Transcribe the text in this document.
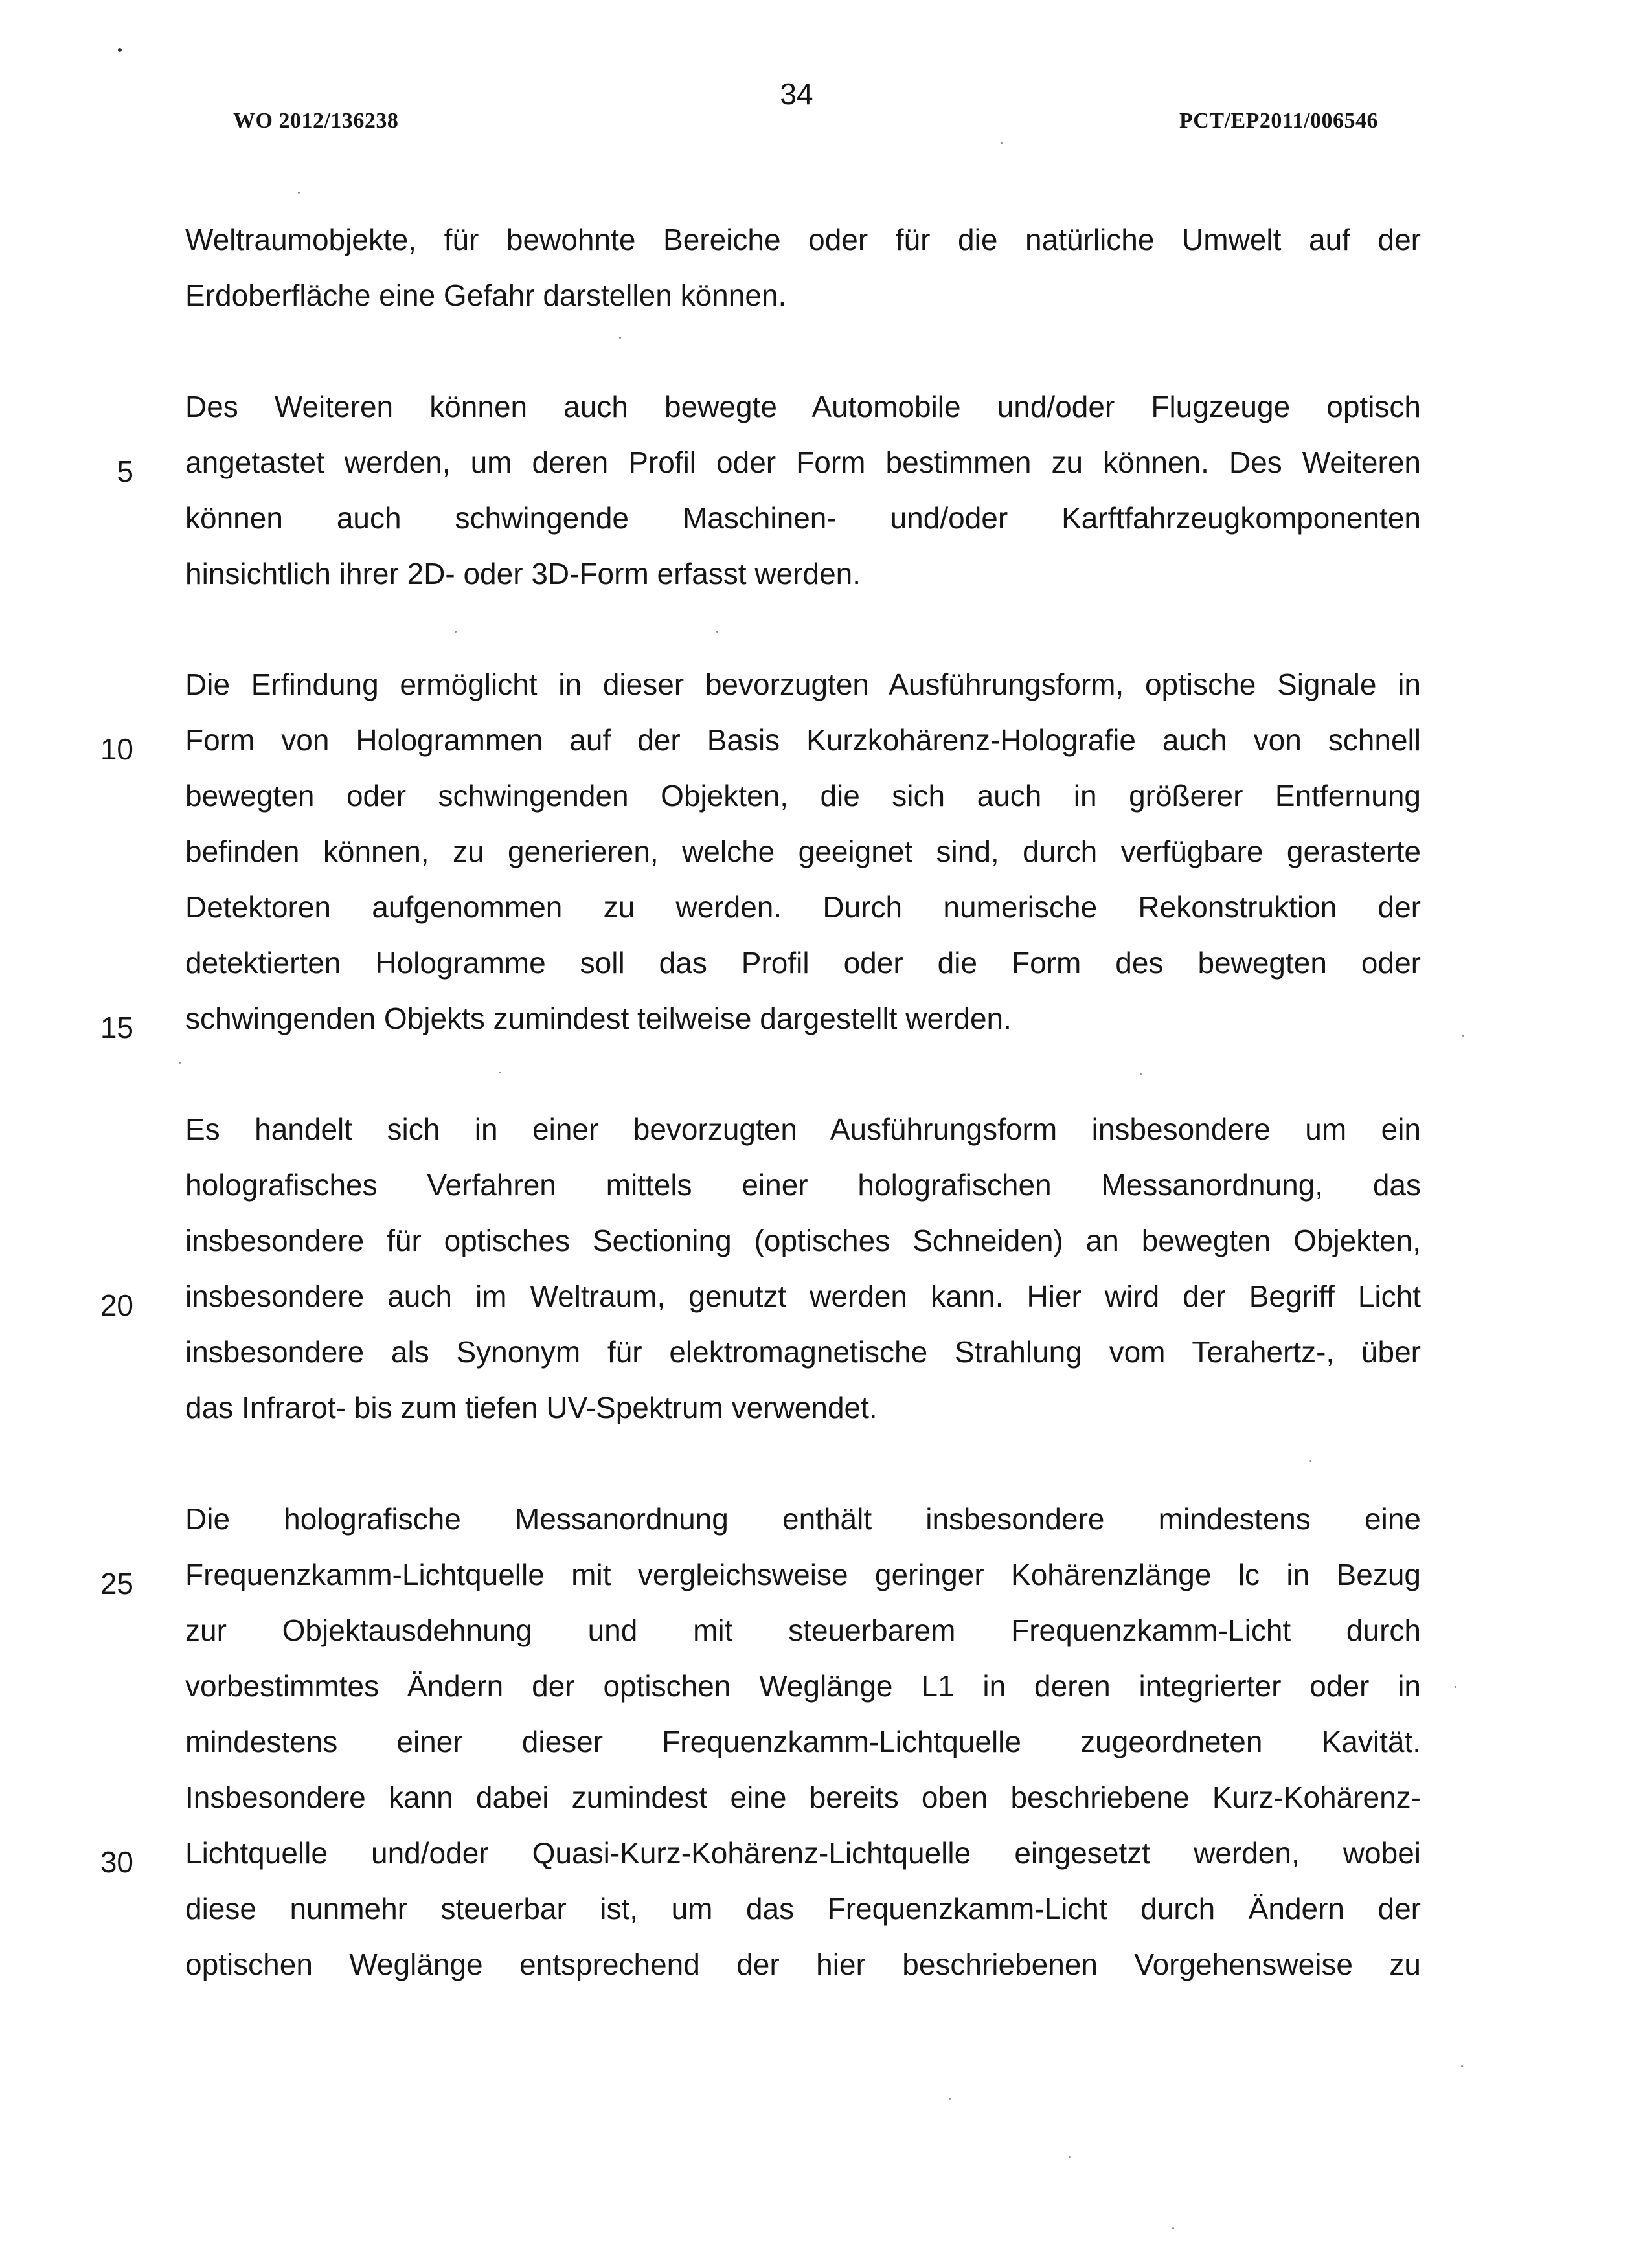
34
WO 2012/136238	PCT/EP2011/006546
Weltraumobjekte, für bewohnte Bereiche oder für die natürliche Umwelt auf der
Erdoberfläche eine Gefahr darstellen können.
Des Weiteren können auch bewegte Automobile und/oder Flugzeuge optisch
angetastet werden, um deren Profil oder Form bestimmen zu können. Des Weiteren
können auch schwingende Maschinen- und/oder Karftfahrzeugkomponenten
hinsichtlich ihrer 2D- oder 3D-Form erfasst werden.
Die Erfindung ermöglicht in dieser bevorzugten Ausführungsform, optische Signale in
Form von Hologrammen auf der Basis Kurzkohärenz-Holografie auch von schnell
bewegten oder schwingenden Objekten, die sich auch in größerer Entfernung
befinden können, zu generieren, welche geeignet sind, durch verfügbare gerasterte
Detektoren aufgenommen zu werden. Durch numerische Rekonstruktion der
detektierten Hologramme soll das Profil oder die Form des bewegten oder
schwingenden Objekts zumindest teilweise dargestellt werden.
Es handelt sich in einer bevorzugten Ausführungsform insbesondere um ein
holografisches Verfahren mittels einer holografischen Messanordnung, das
insbesondere für optisches Sectioning (optisches Schneiden) an bewegten Objekten,
insbesondere auch im Weltraum, genutzt werden kann. Hier wird der Begriff Licht
insbesondere als Synonym für elektromagnetische Strahlung vom Terahertz-, über
das Infrarot- bis zum tiefen UV-Spektrum verwendet.
Die holografische Messanordnung enthält insbesondere mindestens eine
Frequenzkamm-Lichtquelle mit vergleichsweise geringer Kohärenzlänge lc in Bezug
zur Objektausdehnung und mit steuerbarem Frequenzkamm-Licht durch
vorbestimmtes Ändern der optischen Weglänge L1 in deren integrierter oder in
mindestens einer dieser Frequenzkamm-Lichtquelle zugeordneten Kavität.
Insbesondere kann dabei zumindest eine bereits oben beschriebene Kurz-Kohärenz-
Lichtquelle und/oder Quasi-Kurz-Kohärenz-Lichtquelle eingesetzt werden, wobei
diese nunmehr steuerbar ist, um das Frequenzkamm-Licht durch Ändern der
optischen Weglänge entsprechend der hier beschriebenen Vorgehensweise zu
5
10
15
20
25
30
